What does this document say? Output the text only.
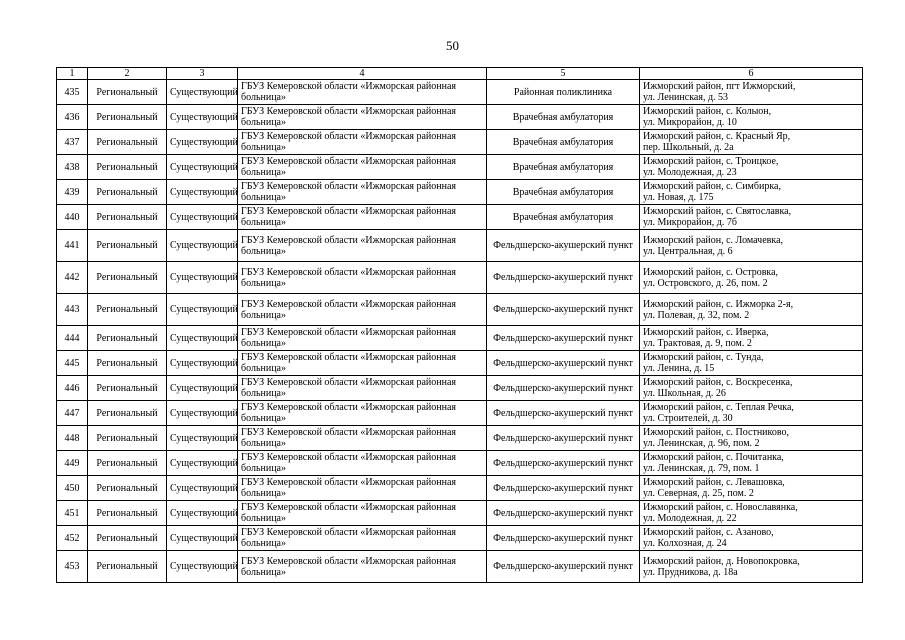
50
1	2	3	4	5	6
435	Региональный	Существующий	ГБУЗ Кемеровской области «Ижморская районная больница»	Районная поликлиника	Ижморский район, пгт Ижморский,
ул. Ленинская, д. 53

436	Региональный	Существующий	ГБУЗ Кемеровской области «Ижморская районная больница»	Врачебная амбулатория	Ижморский район, с. Колыон,
ул. Микрорайон, д. 10

437	Региональный	Существующий	ГБУЗ Кемеровской области «Ижморская районная больница»	Врачебная амбулатория	Ижморский район, с. Красный Яр,
пер. Школьный, д. 2а

438	Региональный	Существующий	ГБУЗ Кемеровской области «Ижморская районная больница»	Врачебная амбулатория	Ижморский район, с. Троицкое,
ул. Молодежная, д. 23

439	Региональный	Существующий	ГБУЗ Кемеровской области «Ижморская районная больница»	Врачебная амбулатория	Ижморский район, с. Симбирка,
ул. Новая, д. 175

440	Региональный	Существующий	ГБУЗ Кемеровской области «Ижморская районная больница»	Врачебная амбулатория	Ижморский район, с. Святославка,
ул. Микрорайон, д. 7б

441	Региональный	Существующий	ГБУЗ Кемеровской области «Ижморская районная больница»	Фельдшерско-акушерский пункт	Ижморский район, с. Ломачевка,
ул. Центральная, д. 6

442	Региональный	Существующий	ГБУЗ Кемеровской области «Ижморская районная больница»	Фельдшерско-акушерский пункт	Ижморский район, с. Островка,
ул. Островского, д. 26, пом. 2

443	Региональный	Существующий	ГБУЗ Кемеровской области «Ижморская районная больница»	Фельдшерско-акушерский пункт	Ижморский район, с. Ижморка 2-я,
ул. Полевая, д. 32, пом. 2

444	Региональный	Существующий	ГБУЗ Кемеровской области «Ижморская районная больница»	Фельдшерско-акушерский пункт	Ижморский район, с. Иверка,
ул. Трактовая, д. 9, пом. 2

445	Региональный	Существующий	ГБУЗ Кемеровской области «Ижморская районная больница»	Фельдшерско-акушерский пункт	Ижморский район, с. Тунда,
ул. Ленина, д. 15

446	Региональный	Существующий	ГБУЗ Кемеровской области «Ижморская районная больница»	Фельдшерско-акушерский пункт	Ижморский район, с. Воскресенка,
ул. Школьная, д. 26

447	Региональный	Существующий	ГБУЗ Кемеровской области «Ижморская районная больница»	Фельдшерско-акушерский пункт	Ижморский район, с. Теплая Речка,
ул. Строителей, д. 30

448	Региональный	Существующий	ГБУЗ Кемеровской области «Ижморская районная больница»	Фельдшерско-акушерский пункт	Ижморский район, с. Постниково,
ул. Ленинская, д. 96, пом. 2

449	Региональный	Существующий	ГБУЗ Кемеровской области «Ижморская районная больница»	Фельдшерско-акушерский пункт	Ижморский район, с. Почитанка,
ул. Ленинская, д. 79, пом. 1

450	Региональный	Существующий	ГБУЗ Кемеровской области «Ижморская районная больница»	Фельдшерско-акушерский пункт	Ижморский район, с. Левашовка,
ул. Северная, д. 25, пом. 2

451	Региональный	Существующий	ГБУЗ Кемеровской области «Ижморская районная больница»	Фельдшерско-акушерский пункт	Ижморский район, с. Новославянка,
ул. Молодежная, д. 22

452	Региональный	Существующий	ГБУЗ Кемеровской области «Ижморская районная больница»	Фельдшерско-акушерский пункт	Ижморский район, с. Азаново,
ул. Колхозная, д. 24

453	Региональный	Существующий	ГБУЗ Кемеровской области «Ижморская районная больница»	Фельдшерско-акушерский пункт	Ижморский район, д. Новопокровка,
ул. Прудникова, д. 18а
